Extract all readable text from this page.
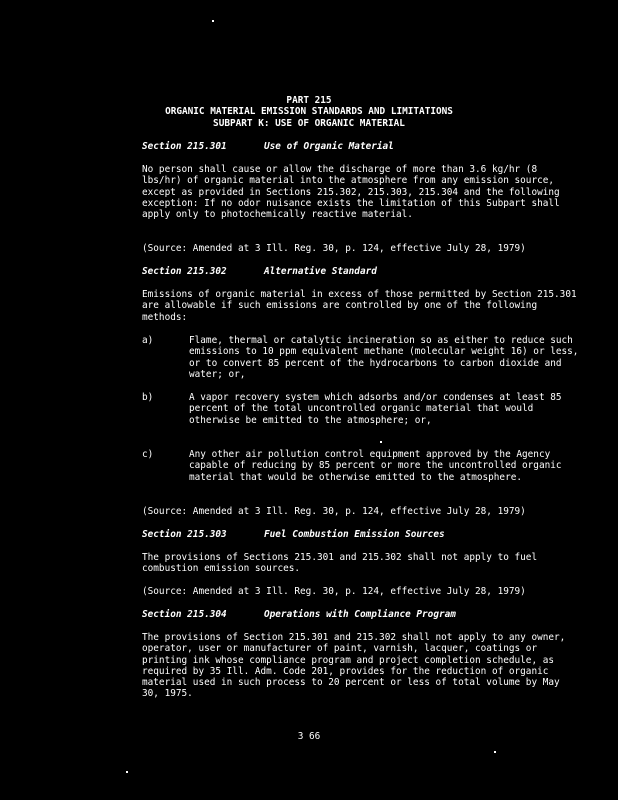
PART 215
ORGANIC MATERIAL EMISSION STANDARDS AND LIMITATIONS
SUBPART K: USE OF ORGANIC MATERIAL
Section 215.301	Use of Organic Material

No person shall cause or allow the discharge of more than 3.6 kg/hr (8 lbs/hr) of organic material into the atmosphere from any emission source, except as provided in Sections 215.302, 215.303, 215.304 and the following exception: If no odor nuisance exists the limitation of this Subpart shall apply only to photochemically reactive material.

(Source: Amended at 3 Ill. Reg. 30, p. 124, effective July 28, 1979)

Section 215.302	Alternative Standard

Emissions of organic material in excess of those permitted by Section 215.301 are allowable if such emissions are controlled by one of the following methods:

a)	Flame, thermal or catalytic incineration so as either to reduce such emissions to 10 ppm equivalent methane (molecular weight 16) or less, or to convert 85 percent of the hydrocarbons to carbon dioxide and water; or,
b)	A vapor recovery system which adsorbs and/or condenses at least 85 percent of the total uncontrolled organic material that would otherwise be emitted to the atmosphere; or,
c)	Any other air pollution control equipment approved by the Agency capable of reducing by 85 percent or more the uncontrolled organic material that would be otherwise emitted to the atmosphere.

(Source: Amended at 3 Ill. Reg. 30, p. 124, effective July 28, 1979)

Section 215.303	Fuel Combustion Emission Sources

The provisions of Sections 215.301 and 215.302 shall not apply to fuel combustion emission sources.

(Source: Amended at 3 Ill. Reg. 30, p. 124, effective July 28, 1979)

Section 215.304	Operations with Compliance Program

The provisions of Section 215.301 and 215.302 shall not apply to any owner, operator, user or manufacturer of paint, varnish, lacquer, coatings or printing ink whose compliance program and project completion schedule, as required by 35 Ill. Adm. Code 201, provides for the reduction of organic material used in such process to 20 percent or less of total volume by May 30, 1975.

3 66
